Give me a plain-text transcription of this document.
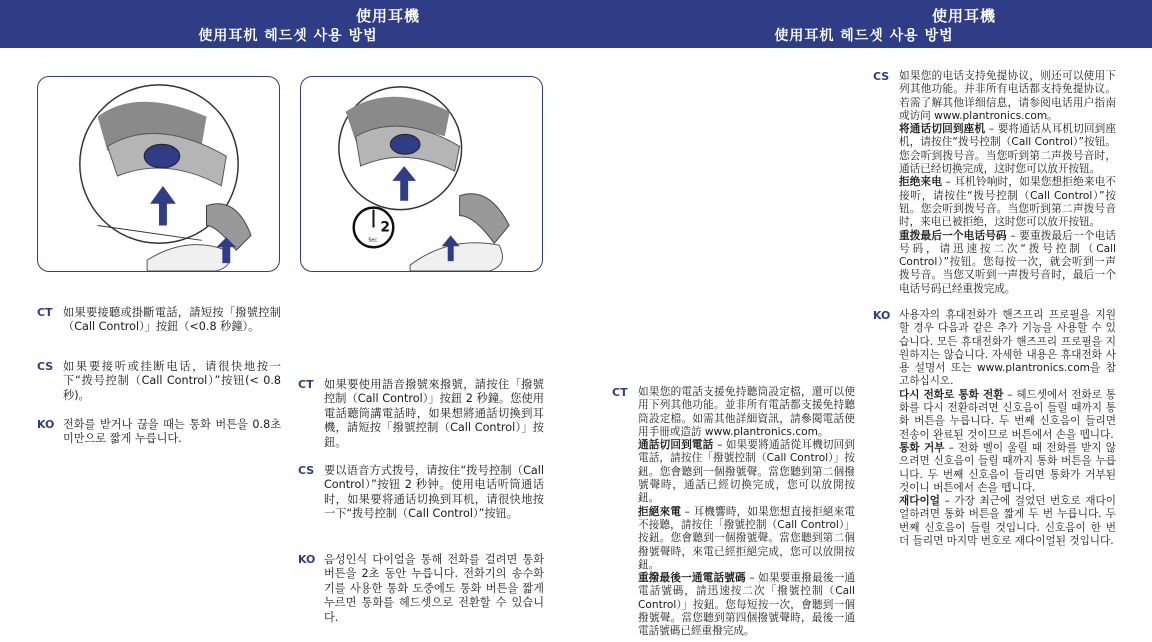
使用耳機
使用耳机 헤드셋 사용 방법
使用耳機
使用耳机 헤드셋 사용 방법
2
Sec.
CT 如果要接聽或掛斷電話，請短按「撥號控制（Call Control）」按鈕（<0.8 秒鐘）。
CS 如果要接听或挂断电话，请很快地按一下“拨号控制（Call Control）”按钮(< 0.8 秒)。
KO 전화를 받거나 끊을 때는 통화 버튼을 0.8초 미만으로 짧게 누릅니다.
CT 如果要使用語音撥號來撥號，請按住「撥號控制（Call Control）」按鈕 2 秒鐘。您使用電話聽筒講電話時，如果想將通話切換到耳機，請短按「撥號控制（Call Control）」按鈕。
CS 要以语音方式拨号，请按住“拨号控制（Call Control）”按钮 2 秒钟。使用电话听筒通话时，如果要将通话切换到耳机，请很快地按一下“拨号控制（Call Control）”按钮。
KO 음성인식 다이얼을 통해 전화를 걸려면 통화 버튼을 2초 동안 누릅니다. 전화기의 송수화기를 사용한 통화 도중에도 통화 버튼을 짧게 누르면 통화를 헤드셋으로 전환할 수 있습니다.
CT 如果您的電話支援免持聽筒設定檔，還可以使用下列其他功能。並非所有電話都支援免持聽筒設定檔。如需其他詳細資訊，請參閱電話使用手冊或造訪 www.plantronics.com。

通話切回到電話 – 如果要將通話從耳機切回到電話，請按住「撥號控制（Call Control）」按鈕。您會聽到一個撥號聲。當您聽到第二個撥號聲時，通話已經切換完成，您可以放開按鈕。

拒絕來電 – 耳機響時，如果您想直接拒絕來電不接聽，請按住「撥號控制（Call Control）」按鈕。您會聽到一個撥號聲。當您聽到第二個撥號聲時，來電已經拒絕完成，您可以放開按鈕。

重撥最後一通電話號碼 – 如果要重撥最後一通電話號碼，請迅速按二次「撥號控制（Call Control）」按鈕。您每短按一次，會聽到一個撥號聲。當您聽到第四個撥號聲時，最後一通電話號碼已經重撥完成。

CS 如果您的电话支持免提协议，则还可以使用下列其他功能。并非所有电话都支持免提协议。若需了解其他详细信息，请参阅电话用户指南或访问 www.plantronics.com。

将通话切回到座机 – 要将通话从耳机切回到座机，请按住“拨号控制（Call Control）”按钮。您会听到拨号音。当您听到第二声拨号音时，通话已经切换完成，这时您可以放开按钮。

拒绝来电 – 耳机铃响时，如果您想拒绝来电不接听，请按住“拨号控制（Call Control）”按钮。您会听到拨号音。当您听到第二声拨号音时，来电已被拒绝，这时您可以放开按钮。

重拨最后一个电话号码 – 要重拨最后一个电话号码，请迅速按二次“拨号控制（Call Control）”按钮。您每按一次，就会听到一声拨号音。当您又听到一声拨号音时，最后一个电话号码已经重拨完成。

KO 사용자의 휴대전화가 핸즈프리 프로필을 지원할 경우 다음과 같은 추가 기능을 사용할 수 있습니다. 모든 휴대전화가 핸즈프리 프로필을 지원하지는 않습니다. 자세한 내용은 휴대전화 사용 설명서 또는 www.plantronics.com을 참고하십시오.

다시 전화로 통화 전환 – 헤드셋에서 전화로 통화를 다시 전환하려면 신호음이 들릴 때까지 통화 버튼을 누릅니다. 두 번째 신호음이 들리면 전송이 완료된 것이므로 버튼에서 손을 뗍니다.

통화 거부 – 전화 벨이 울릴 때 전화를 받지 않으려면 신호음이 들릴 때까지 통화 버튼을 누릅니다. 두 번째 신호음이 들리면 통화가 거부된 것이니 버튼에서 손을 뗍니다.

재다이얼 – 가장 최근에 걸었던 번호로 재다이얼하려면 통화 버튼을 짧게 두 번 누릅니다. 두 번째 신호음이 들릴 것입니다. 신호음이 한 번 더 들리면 마지막 번호로 재다이얼된 것입니다.
